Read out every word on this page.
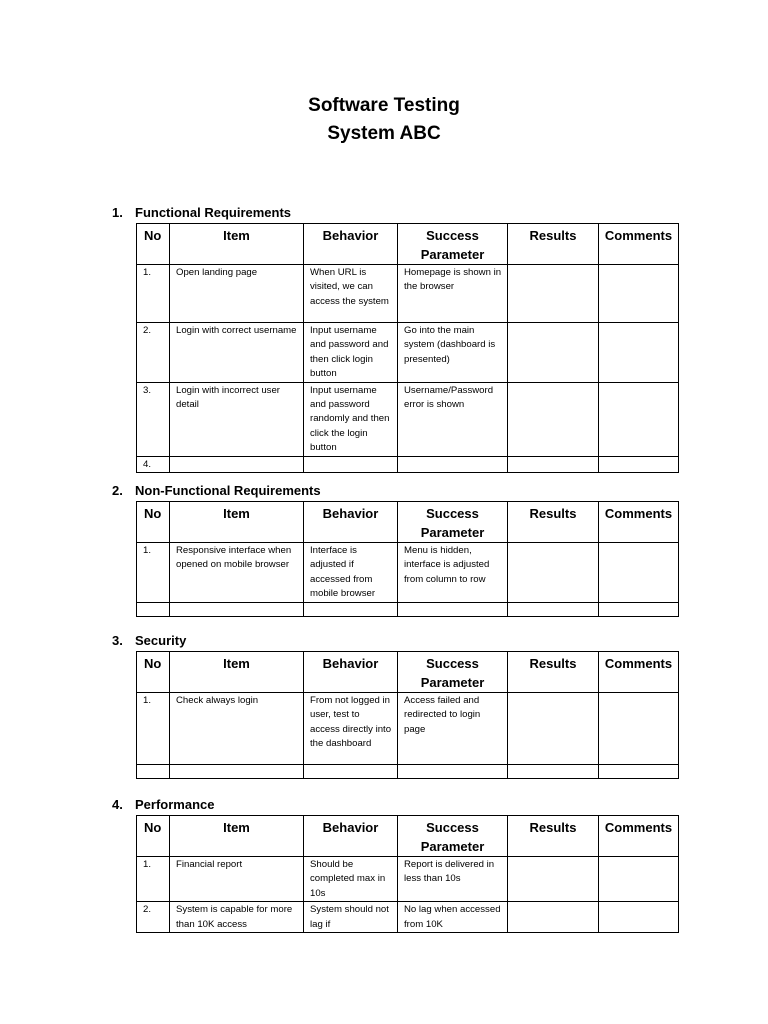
Software Testing
System ABC
1. Functional Requirements
No	Item	Behavior	Success Parameter	Results	Comments
1.	Open landing page	When URL is visited, we can access the system	Homepage is shown in the browser		
2.	Login with correct username	Input username and password and then click login button	Go into the main system (dashboard is presented)		
3.	Login with incorrect user detail	Input username and password randomly and then click the login button	Username/Password error is shown		
4.					
2. Non-Functional Requirements
No	Item	Behavior	Success Parameter	Results	Comments
1.	Responsive interface when opened on mobile browser	Interface is adjusted if accessed from mobile browser	Menu is hidden, interface is adjusted from column to row		

3. Security
No	Item	Behavior	Success Parameter	Results	Comments
1.	Check always login	From not logged in user, test to access directly into the dashboard	Access failed and redirected to login page		

4. Performance
No	Item	Behavior	Success Parameter	Results	Comments
1.	Financial report	Should be completed max in 10s	Report is delivered in less than 10s		
2.	System is capable for more than 10K access	System should not lag if	No lag when accessed from 10K		
